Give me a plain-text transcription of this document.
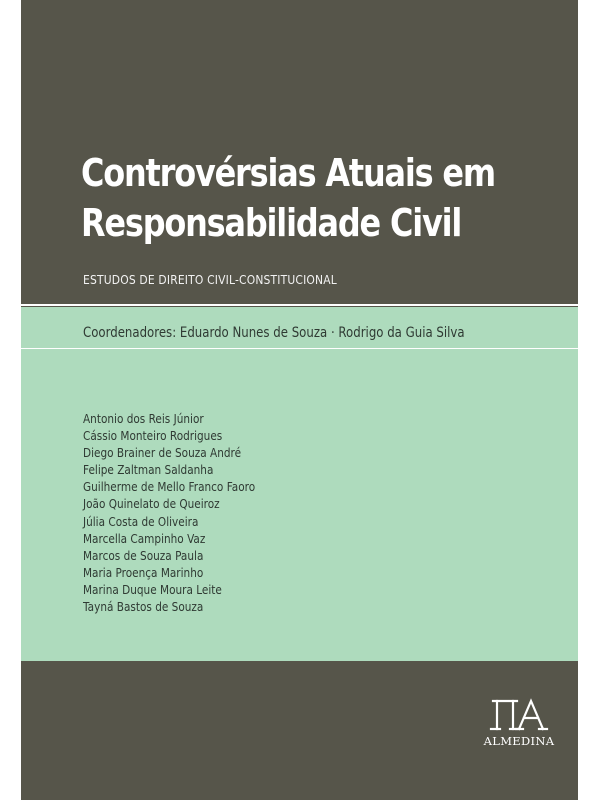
Controvérsias Atuais em
Responsabilidade Civil
ESTUDOS DE DIREITO CIVIL-CONSTITUCIONAL
Coordenadores: Eduardo Nunes de Souza · Rodrigo da Guia Silva
Antonio dos Reis Júnior
Cássio Monteiro Rodrigues
Diego Brainer de Souza André
Felipe Zaltman Saldanha
Guilherme de Mello Franco Faoro
João Quinelato de Queiroz
Júlia Costa de Oliveira
Marcella Campinho Vaz
Marcos de Souza Paula
Maria Proença Marinho
Marina Duque Moura Leite
Tayná Bastos de Souza
ALMEDINA
